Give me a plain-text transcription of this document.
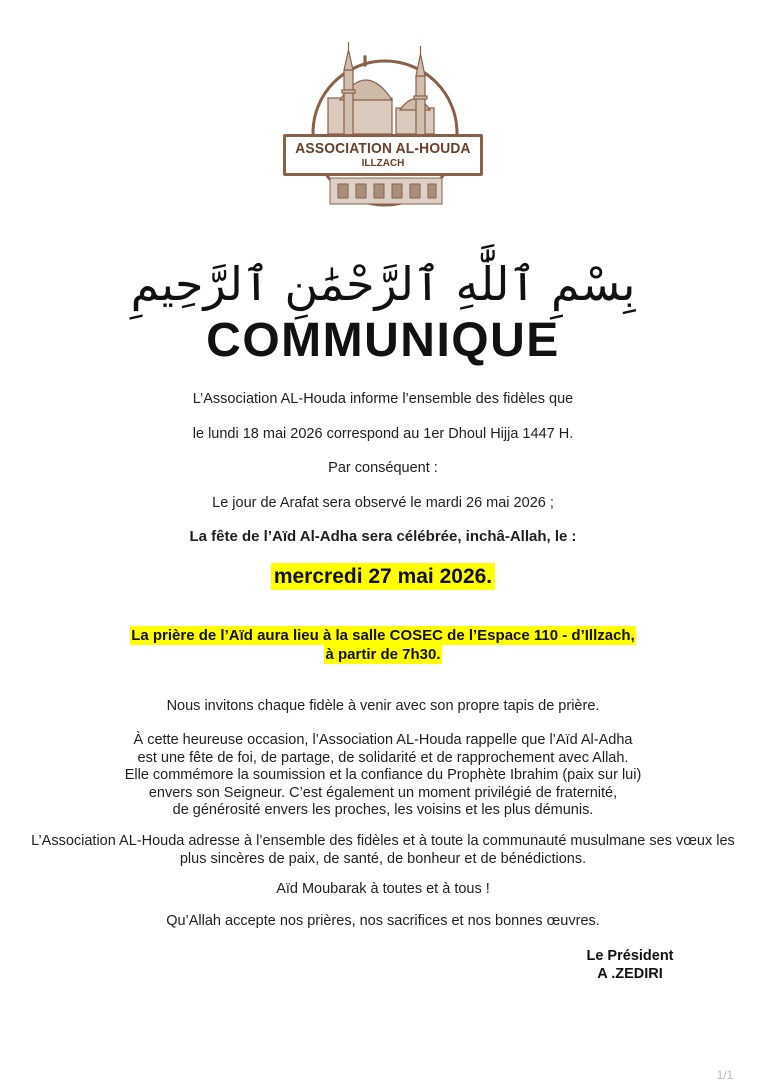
ASSOCIATION AL-HOUDA
ILLZACH
بِسْمِ ٱللَّٰهِ ٱلرَّحْمَٰنِ ٱلرَّحِيمِ
COMMUNIQUE
L’Association AL-Houda informe l’ensemble des fidèles que
le lundi 18 mai 2026 correspond au 1er Dhoul Hijja 1447 H.
Par conséquent :
Le jour de Arafat sera observé le mardi 26 mai 2026 ;
La fête de l’Aïd Al-Adha sera célébrée, inchâ-Allah, le :
mercredi 27 mai 2026.
La prière de l’Aïd aura lieu à la salle COSEC de l’Espace 110 - d’Illzach,
à partir de 7h30.
Nous invitons chaque fidèle à venir avec son propre tapis de prière.
À cette heureuse occasion, l’Association AL-Houda rappelle que l’Aïd Al-Adha
est une fête de foi, de partage, de solidarité et de rapprochement avec Allah.
Elle commémore la soumission et la confiance du Prophète Ibrahim (paix sur lui)
envers son Seigneur. C’est également un moment privilégié de fraternité,
de générosité envers les proches, les voisins et les plus démunis.
L’Association AL-Houda adresse à l’ensemble des fidèles et à toute la communauté musulmane ses vœux les
plus sincères de paix, de santé, de bonheur et de bénédictions.
Aïd Moubarak à toutes et à tous !
Qu’Allah accepte nos prières, nos sacrifices et nos bonnes œuvres.
Le Président
A .ZEDIRI
1/1
